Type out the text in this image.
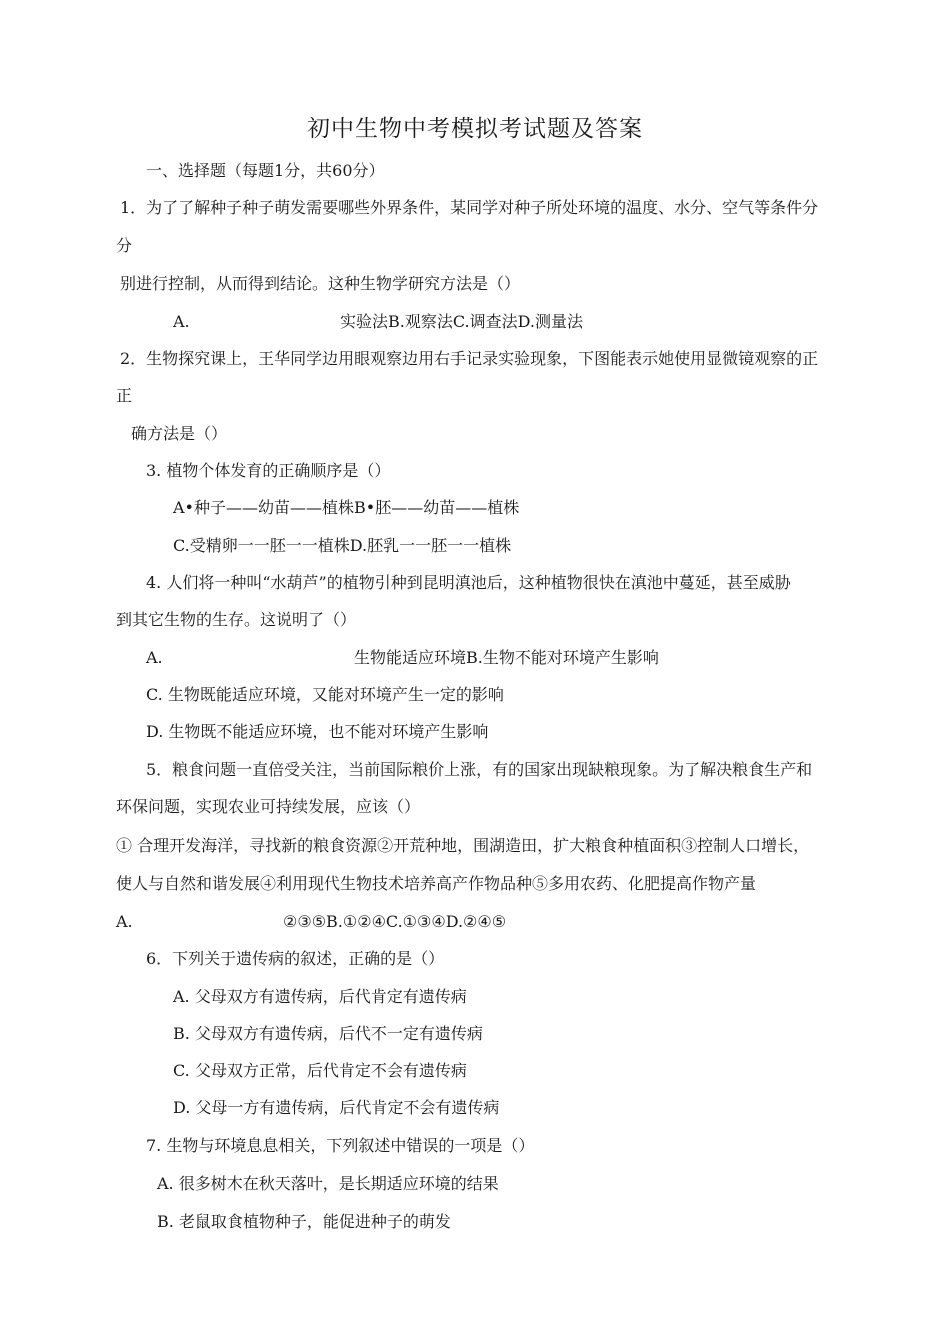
初中生物中考模拟考试题及答案
一、选择题（每题1分，共60分）
1．为了了解种子种子萌发需要哪些外界条件，某同学对种子所处环境的温度、水分、空气等条件分
分
别进行控制，从而得到结论。这种生物学研究方法是（）
A.	实验法B.观察法C.调查法D.测量法
2．生物探究课上，王华同学边用眼观察边用右手记录实验现象，下图能表示她使用显微镜观察的正
正
确方法是（）
3. 植物个体发育的正确顺序是（）
A•种子——幼苗——植株B•胚——幼苗——植株
C.受精卵一一胚一一植株D.胚乳一一胚一一植株
4. 人们将一种叫“水葫芦”的植物引种到昆明滇池后，这种植物很快在滇池中蔓延，甚至威胁
到其它生物的生存。这说明了（）
A.	生物能适应环境B.生物不能对环境产生影响
C. 生物既能适应环境，又能对环境产生一定的影响
D. 生物既不能适应环境，也不能对环境产生影响
5．粮食问题一直倍受关注，当前国际粮价上涨，有的国家出现缺粮现象。为了解决粮食生产和
环保问题，实现农业可持续发展，应该（）
① 合理开发海洋，寻找新的粮食资源②开荒种地，围湖造田，扩大粮食种植面积③控制人口增长，
使人与自然和谐发展④利用现代生物技术培养高产作物品种⑤多用农药、化肥提高作物产量
A.	②③⑤B.①②④C.①③④D.②④⑤
6．下列关于遗传病的叙述，正确的是（）
A. 父母双方有遗传病，后代肯定有遗传病
B. 父母双方有遗传病，后代不一定有遗传病
C. 父母双方正常，后代肯定不会有遗传病
D. 父母一方有遗传病，后代肯定不会有遗传病
7. 生物与环境息息相关，下列叙述中错误的一项是（）
A. 很多树木在秋天落叶，是长期适应环境的结果
B. 老鼠取食植物种子，能促进种子的萌发
